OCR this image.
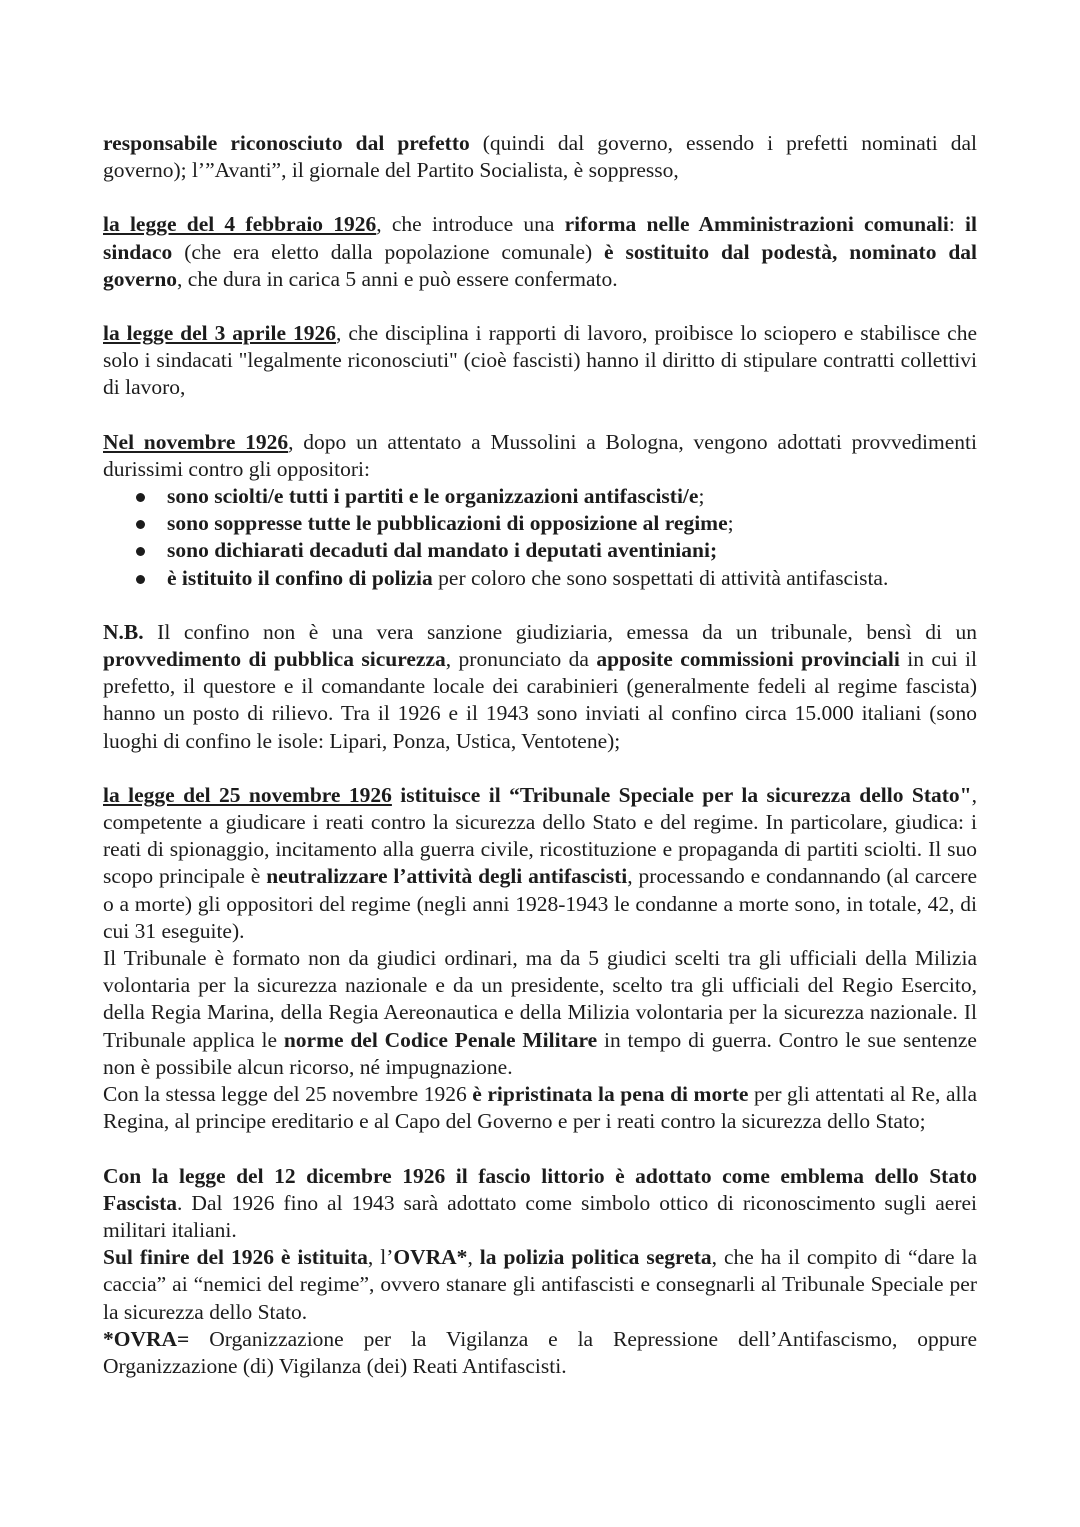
responsabile riconosciuto dal prefetto (quindi dal governo, essendo i prefetti nominati dal governo); l’”Avanti”, il giornale del Partito Socialista, è soppresso,

la legge del 4 febbraio 1926, che introduce una riforma nelle Amministrazioni comunali: il sindaco (che era eletto dalla popolazione comunale) è sostituito dal podestà, nominato dal governo, che dura in carica 5 anni e può essere confermato.

la legge del 3 aprile 1926, che disciplina i rapporti di lavoro, proibisce lo sciopero e stabilisce che solo i sindacati "legalmente riconosciuti" (cioè fascisti) hanno il diritto di stipulare contratti collettivi di lavoro,

Nel novembre 1926, dopo un attentato a Mussolini a Bologna, vengono adottati provvedimenti durissimi contro gli oppositori:

sono sciolti/e tutti i partiti e le organizzazioni antifascisti/e;
sono soppresse tutte le pubblicazioni di opposizione al regime;
sono dichiarati decaduti dal mandato i deputati aventiniani;
è istituito il confino di polizia per coloro che sono sospettati di attività antifascista.

N.B. Il confino non è una vera sanzione giudiziaria, emessa da un tribunale, bensì di un provvedimento di pubblica sicurezza, pronunciato da apposite commissioni provinciali in cui il prefetto, il questore e il comandante locale dei carabinieri (generalmente fedeli al regime fascista) hanno un posto di rilievo. Tra il 1926 e il 1943 sono inviati al confino circa 15.000 italiani (sono luoghi di confino le isole: Lipari, Ponza, Ustica, Ventotene);

la legge del 25 novembre 1926 istituisce il “Tribunale Speciale per la sicurezza dello Stato", competente a giudicare i reati contro la sicurezza dello Stato e del regime. In particolare, giudica: i reati di spionaggio, incitamento alla guerra civile, ricostituzione e propaganda di partiti sciolti. Il suo scopo principale è neutralizzare l’attività degli antifascisti, processando e condannando (al carcere o a morte) gli oppositori del regime (negli anni 1928-1943 le condanne a morte sono, in totale, 42, di cui 31 eseguite).

Il Tribunale è formato non da giudici ordinari, ma da 5 giudici scelti tra gli ufficiali della Milizia volontaria per la sicurezza nazionale e da un presidente, scelto tra gli ufficiali del Regio Esercito, della Regia Marina, della Regia Aereonautica e della Milizia volontaria per la sicurezza nazionale. Il Tribunale applica le norme del Codice Penale Militare in tempo di guerra. Contro le sue sentenze non è possibile alcun ricorso, né impugnazione.

Con la stessa legge del 25 novembre 1926 è ripristinata la pena di morte per gli attentati al Re, alla Regina, al principe ereditario e al Capo del Governo e per i reati contro la sicurezza dello Stato;

Con la legge del 12 dicembre 1926 il fascio littorio è adottato come emblema dello Stato Fascista. Dal 1926 fino al 1943 sarà adottato come simbolo ottico di riconoscimento sugli aerei militari italiani.

Sul finire del 1926 è istituita, l’OVRA*, la polizia politica segreta, che ha il compito di “dare la caccia” ai “nemici del regime”, ovvero stanare gli antifascisti e consegnarli al Tribunale Speciale per la sicurezza dello Stato.

*OVRA= Organizzazione per la Vigilanza e la Repressione dell’Antifascismo, oppure Organizzazione (di) Vigilanza (dei) Reati Antifascisti.
